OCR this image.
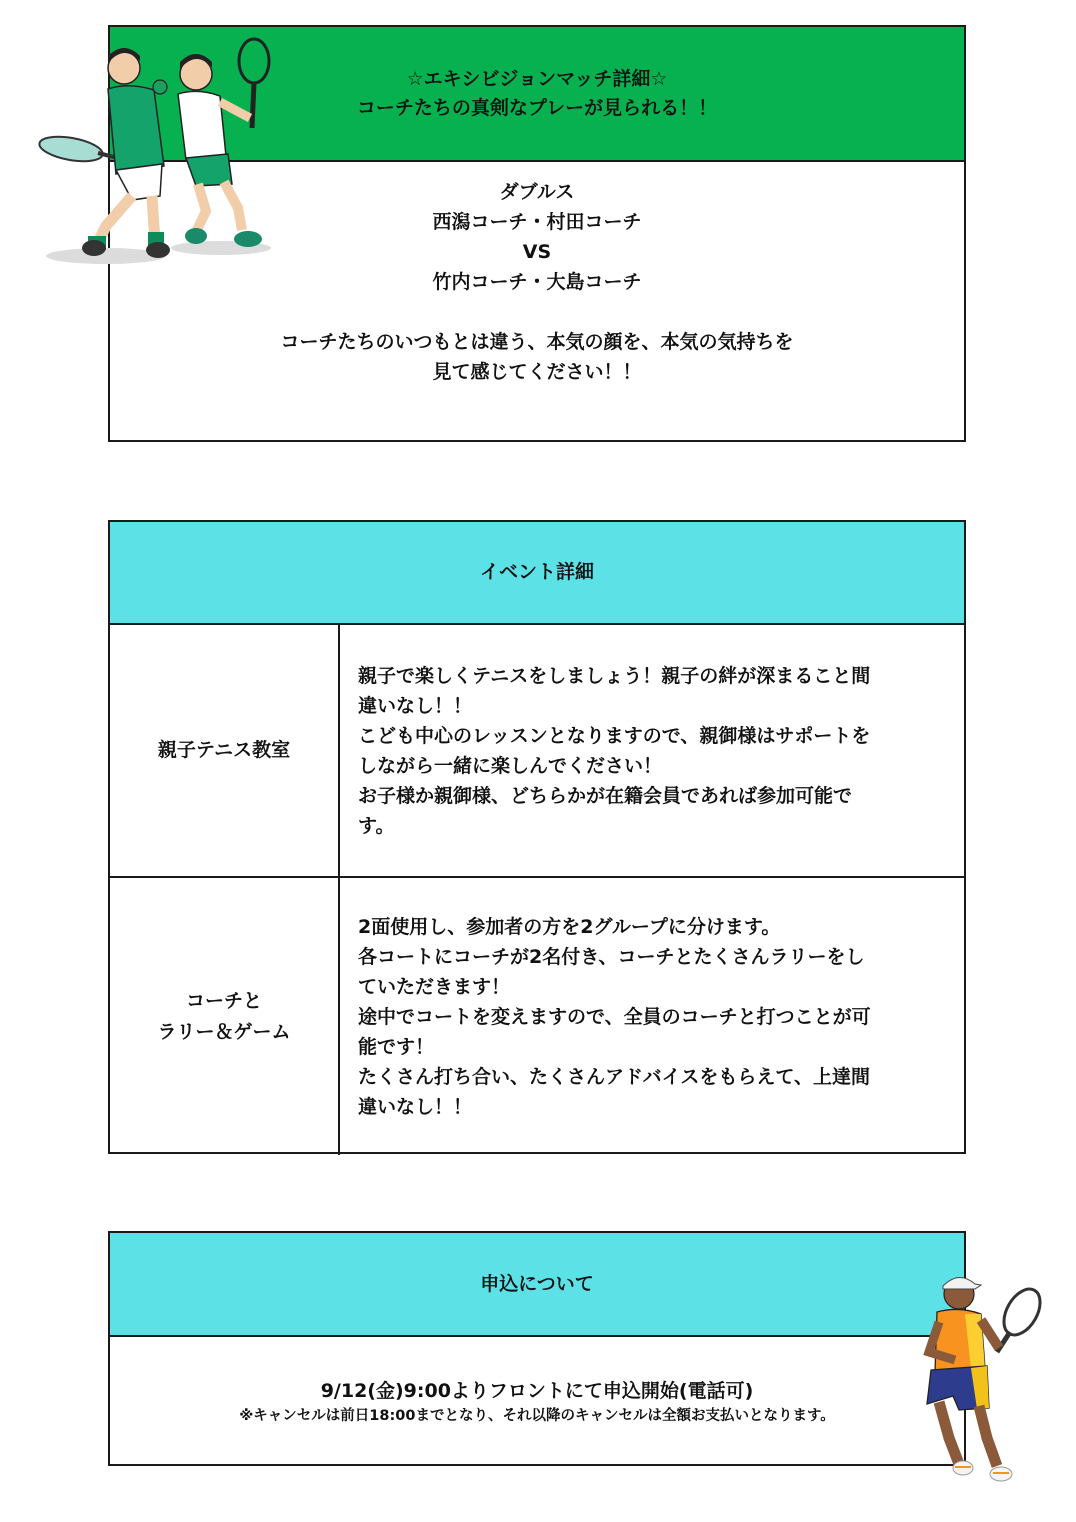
☆エキシビジョンマッチ詳細☆
コーチたちの真剣なプレーが見られる！！
ダブルス
西潟コーチ・村田コーチ
VS
竹内コーチ・大島コーチ
コーチたちのいつもとは違う、本気の顔を、本気の気持ちを
見て感じてください！！
イベント詳細
親子テニス教室

親子で楽しくテニスをしましょう！親子の絆が深まること間

違いなし！！

こども中心のレッスンとなりますので、親御様はサポートを

しながら一緒に楽しんでください！

お子様か親御様、どちらかが在籍会員であれば参加可能で

す。

コーチと
ラリー＆ゲーム

2面使用し、参加者の方を2グループに分けます。

各コートにコーチが2名付き、コーチとたくさんラリーをし

ていただきます！

途中でコートを変えますので、全員のコーチと打つことが可

能です！

たくさん打ち合い、たくさんアドバイスをもらえて、上達間

違いなし！！

申込について
9/12(金)9:00よりフロントにて申込開始(電話可)
※キャンセルは前日18:00までとなり、それ以降のキャンセルは全額お支払いとなります。
